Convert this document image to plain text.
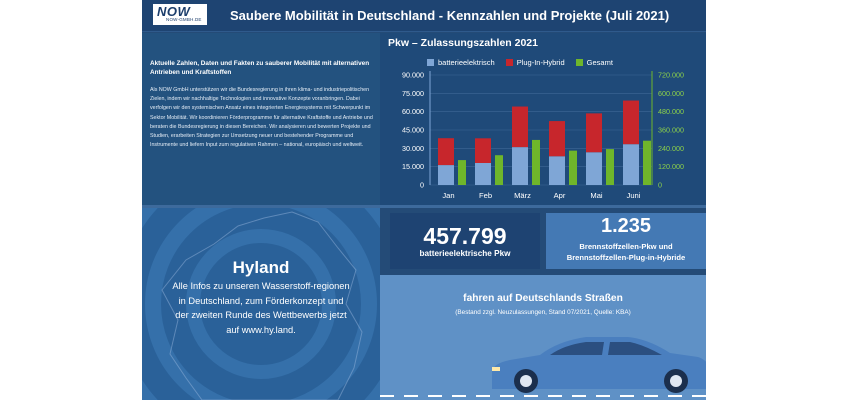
NOW
NOW-GMBH.DE Saubere Mobilität in Deutschland - Kennzahlen und Projekte (Juli 2021)
Aktuelle Zahlen, Daten und Fakten zu sauberer Mobilität mit alternativen Antrieben und Kraftstoffen
Als NOW GmbH unterstützen wir die Bundesregierung in ihren klima- und industriepolitischen Zielen, indem wir nachhaltige Technologien und innovative Konzepte voranbringen. Dabei verfolgen wir den systemischen Ansatz eines integrierten Energiesystems mit Schwerpunkt im Sektor Mobilität. Wir koordinieren Förderprogramme für alternative Kraftstoffe und Antriebe und beraten die Bundesregierung in diesen Bereichen. Wir analysieren und bewerten Projekte und Studien, erarbeiten Strategien zur Umsetzung neuer und bestehender Programme und Instrumente und liefern Input zum regulativen Rahmen – national, europäisch und weltweit.
Pkw – Zulassungszahlen 2021
batterieelektrisch	Plug-In-Hybrid	Gesamt
0
15.000
30.000
45.000
60.000
75.000
90.000
0
120.000
240.000
360.000
480.000
600.000
720.000
Jan	Feb	März	Apr	Mai	Juni
Hyland
Alle Infos zu unseren Wasserstoff-regionen in Deutschland, zum Förderkonzept und der zweiten Runde des Wettbewerbs jetzt auf www.hy.land.
457.799
batterieelektrische Pkw
1.235
Brennstoffzellen-Pkw und
Brennstoffzellen-Plug-in-Hybride
fahren auf Deutschlands Straßen
(Bestand zzgl. Neuzulassungen, Stand 07/2021, Quelle: KBA)
